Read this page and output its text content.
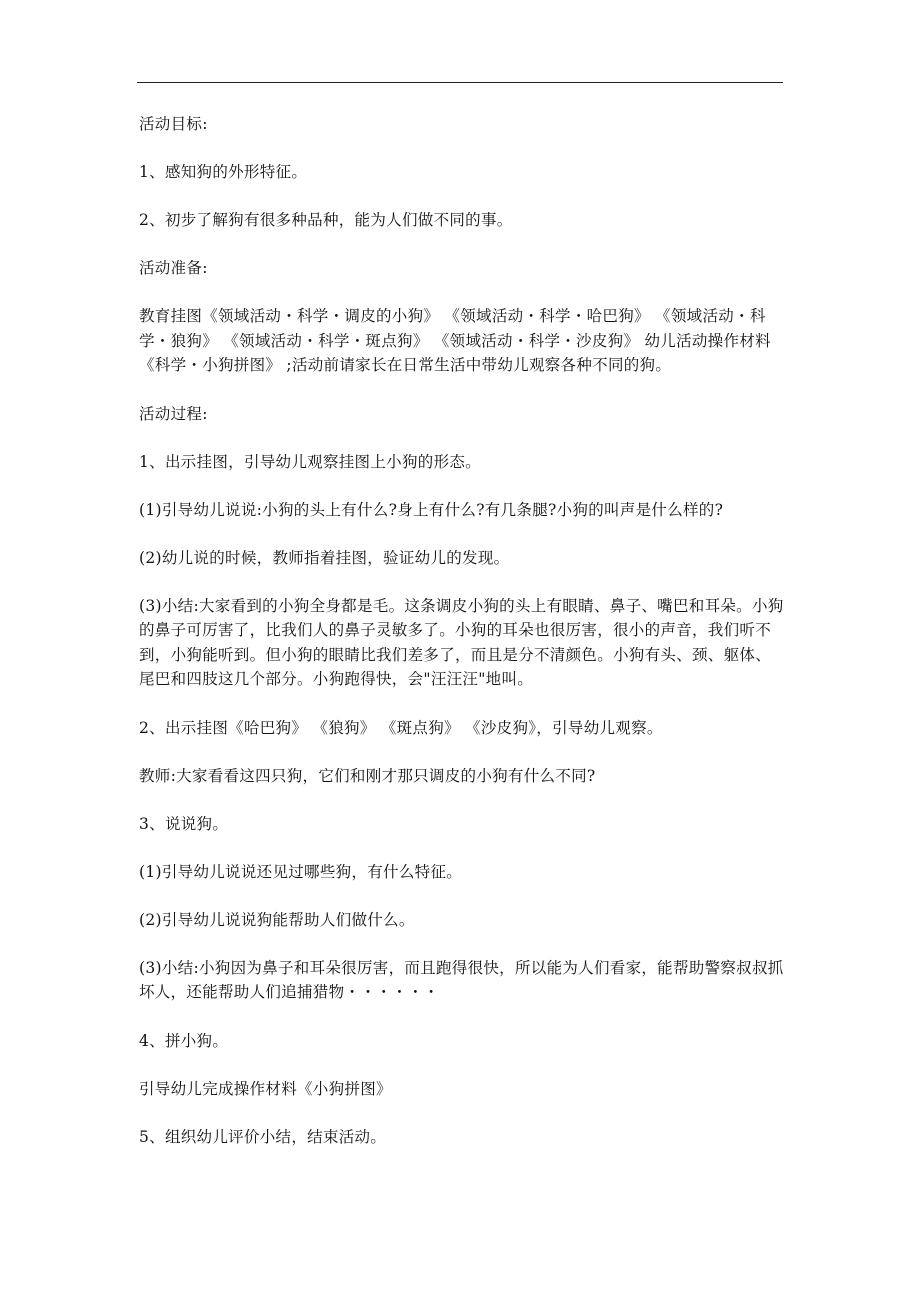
活动目标:

1、感知狗的外形特征。

2、初步了解狗有很多种品种，能为人们做不同的事。

活动准备:

教育挂图《领域活动・科学・调皮的小狗》 《领域活动・科学・哈巴狗》 《领域活动・科学・狼狗》 《领域活动・科学・斑点狗》 《领域活动・科学・沙皮狗》 幼儿活动操作材料《科学・小狗拼图》 ;活动前请家长在日常生活中带幼儿观察各种不同的狗。

活动过程:

1、出示挂图，引导幼儿观察挂图上小狗的形态。

(1)引导幼儿说说:小狗的头上有什么?身上有什么?有几条腿?小狗的叫声是什么样的?

(2)幼儿说的时候，教师指着挂图，验证幼儿的发现。

(3)小结:大家看到的小狗全身都是毛。这条调皮小狗的头上有眼睛、鼻子、嘴巴和耳朵。小狗的鼻子可厉害了，比我们人的鼻子灵敏多了。小狗的耳朵也很厉害，很小的声音，我们听不到，小狗能听到。但小狗的眼睛比我们差多了，而且是分不清颜色。小狗有头、颈、躯体、尾巴和四肢这几个部分。小狗跑得快，会"汪汪汪"地叫。

2、出示挂图《哈巴狗》 《狼狗》 《斑点狗》 《沙皮狗》，引导幼儿观察。

教师:大家看看这四只狗，它们和刚才那只调皮的小狗有什么不同?

3、说说狗。

(1)引导幼儿说说还见过哪些狗，有什么特征。

(2)引导幼儿说说狗能帮助人们做什么。

(3)小结:小狗因为鼻子和耳朵很厉害，而且跑得很快，所以能为人们看家，能帮助警察叔叔抓坏人，还能帮助人们追捕猎物・・・・・・

4、拼小狗。

引导幼儿完成操作材料《小狗拼图》

5、组织幼儿评价小结，结束活动。
